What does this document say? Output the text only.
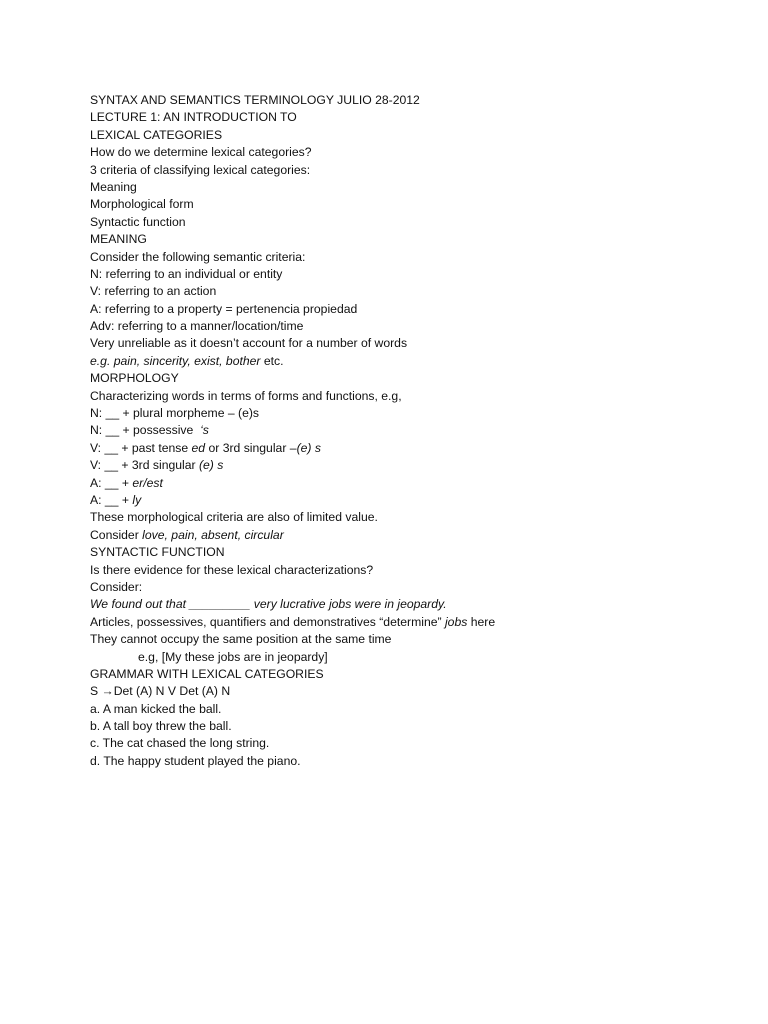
SYNTAX AND SEMANTICS TERMINOLOGY JULIO 28-2012
LECTURE 1: AN INTRODUCTION TO
LEXICAL CATEGORIES
How do we determine lexical categories?
3 criteria of classifying lexical categories:
Meaning
Morphological form
Syntactic function
MEANING
Consider the following semantic criteria:
N: referring to an individual or entity
V: referring to an action
A: referring to a property = pertenencia propiedad
Adv: referring to a manner/location/time
Very unreliable as it doesn’t account for a number of words
e.g. pain, sincerity, exist, bother etc.
MORPHOLOGY
Characterizing words in terms of forms and functions, e.g,
N: __ + plural morpheme – (e)s
N: __ + possessive  ‘s
V: __ + past tense ed or 3rd singular –(e) s
V: __ + 3rd singular (e) s
A: __ + er/est
A: __ + ly
These morphological criteria are also of limited value.
Consider love, pain, absent, circular
SYNTACTIC FUNCTION
Is there evidence for these lexical characterizations?
Consider:
We found out that _________ very lucrative jobs were in jeopardy.
Articles, possessives, quantifiers and demonstratives “determine” jobs here
They cannot occupy the same position at the same time
e.g, [My these jobs are in jeopardy]
GRAMMAR WITH LEXICAL CATEGORIES
S →Det (A) N V Det (A) N
a. A man kicked the ball.
b. A tall boy threw the ball.
c. The cat chased the long string.
d. The happy student played the piano.
